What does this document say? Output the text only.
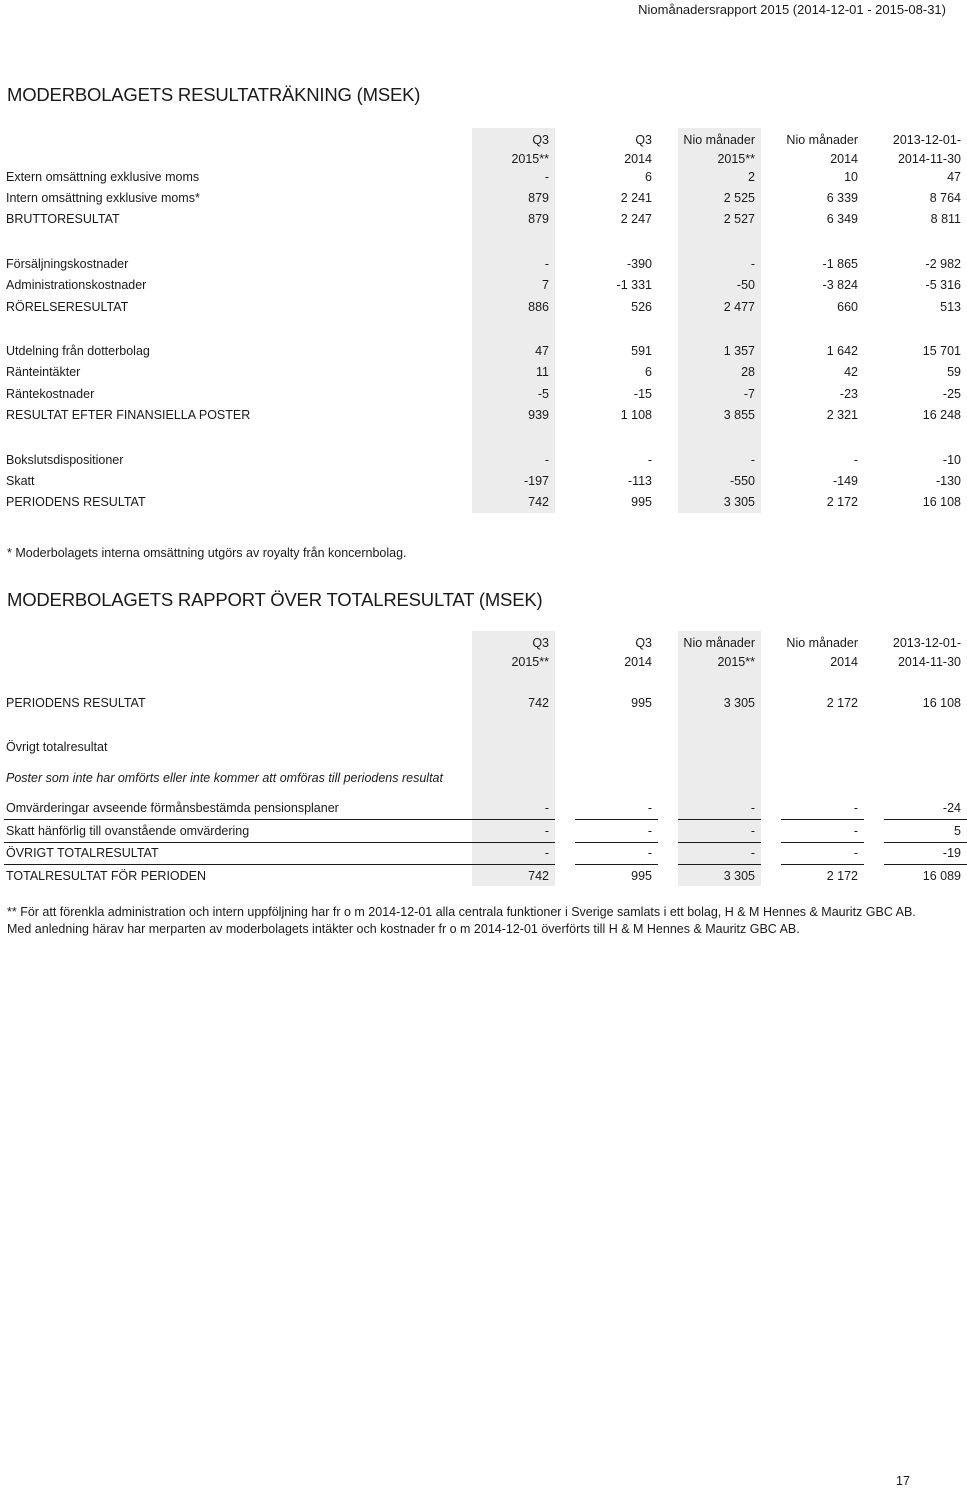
Niomånadersrapport 2015 (2014-12-01 - 2015-08-31)
MODERBOLAGETS RESULTATRÄKNING (MSEK)
	Q3		Q3		Nio månader		Nio månader		2013-12-01-
	2015**		2014		2015**		2014		2014-11-30
Extern omsättning exklusive moms	-		6		2		10		47
Intern omsättning exklusive moms*	879		2 241		2 525		6 339		8 764
BRUTTORESULTAT	879		2 247		2 527		6 349		8 811

Försäljningskostnader	-		-390		-		-1 865		-2 982
Administrationskostnader	7		-1 331		-50		-3 824		-5 316
RÖRELSERESULTAT	886		526		2 477		660		513

Utdelning från dotterbolag	47		591		1 357		1 642		15 701
Ränteintäkter	11		6		28		42		59
Räntekostnader	-5		-15		-7		-23		-25
RESULTAT EFTER FINANSIELLA POSTER	939		1 108		3 855		2 321		16 248

Bokslutsdispositioner	-		-		-		-		-10
Skatt	-197		-113		-550		-149		-130
PERIODENS RESULTAT	742		995		3 305		2 172		16 108
* Moderbolagets interna omsättning utgörs av royalty från koncernbolag.
MODERBOLAGETS RAPPORT ÖVER TOTALRESULTAT (MSEK)
	Q3		Q3		Nio månader		Nio månader		2013-12-01-
	2015**		2014		2015**		2014		2014-11-30

PERIODENS RESULTAT	742		995		3 305		2 172		16 108

Övrigt totalresultat									
Poster som inte har omförts eller inte kommer att omföras till periodens resultat									
Omvärderingar avseende förmånsbestämda pensionsplaner	-		-		-		-		-24
Skatt hänförlig till ovanstående omvärdering	-		-		-		-		5
ÖVRIGT TOTALRESULTAT	-		-		-		-		-19
TOTALRESULTAT FÖR PERIODEN	742		995		3 305		2 172		16 089
** För att förenkla administration och intern uppföljning har fr o m 2014-12-01 alla centrala funktioner i Sverige samlats i ett bolag, H & M Hennes & Mauritz GBC AB.
Med anledning härav har merparten av moderbolagets intäkter och kostnader fr o m 2014-12-01 överförts till H & M Hennes & Mauritz GBC AB.
17
